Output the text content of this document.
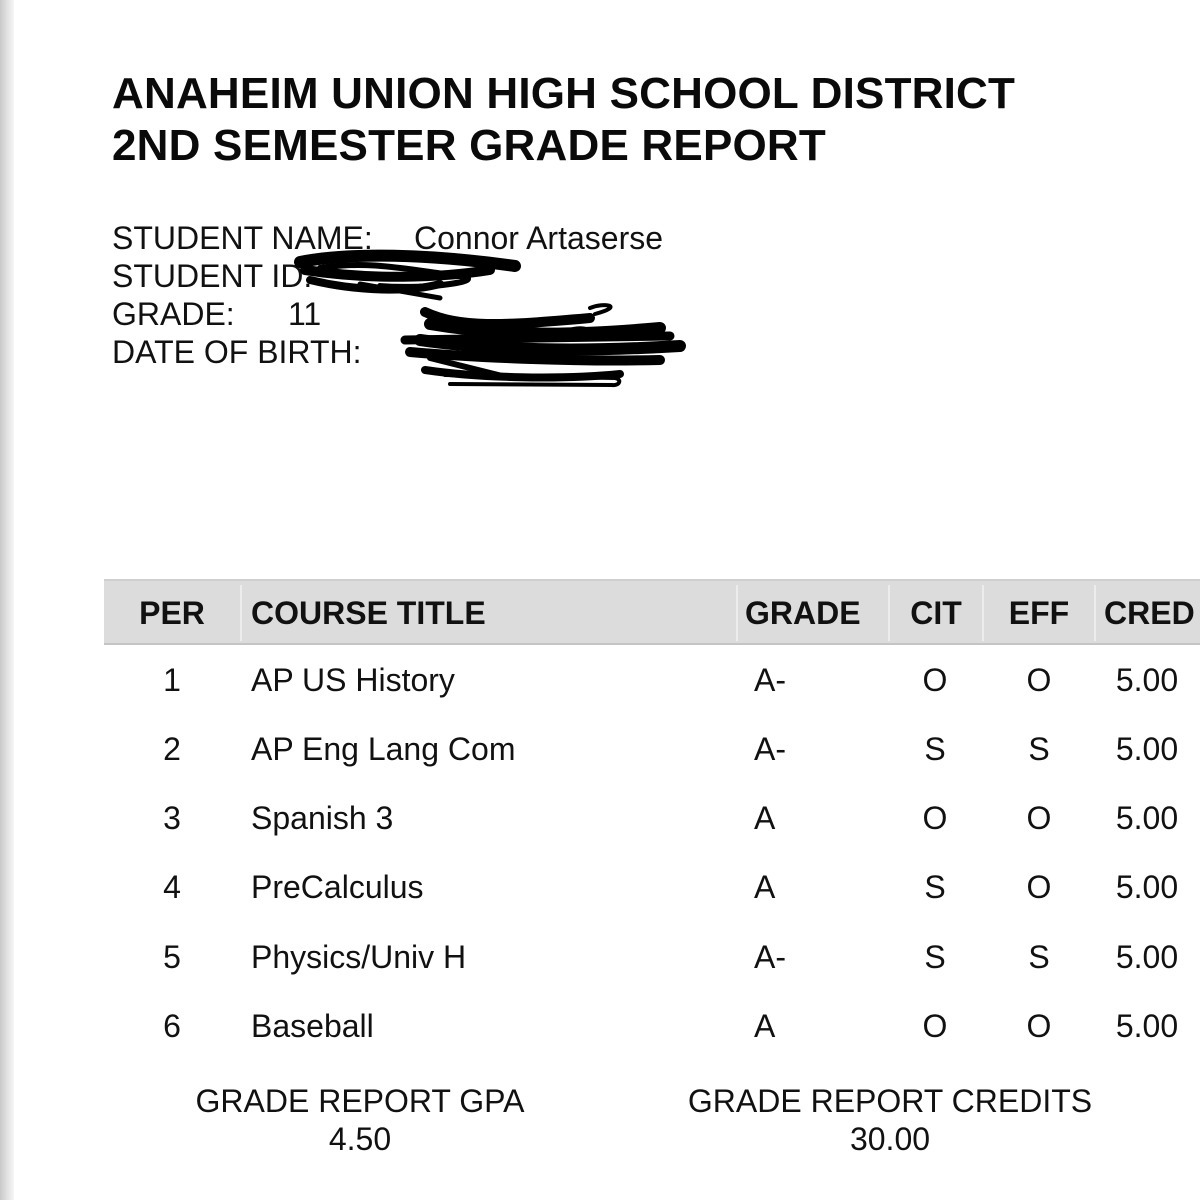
ANAHEIM UNION HIGH SCHOOL DISTRICT
2ND SEMESTER GRADE REPORT
STUDENT NAME: Connor Artaserse
STUDENT ID:
GRADE: 11
DATE OF BIRTH:
PER	COURSE TITLE	GRADE	CIT	EFF	CRED
1	AP US History	A-	O	O	5.00
2	AP Eng Lang Com	A-	S	S	5.00
3	Spanish 3	A	O	O	5.00
4	PreCalculus	A	S	O	5.00
5	Physics/Univ H	A-	S	S	5.00
6	Baseball	A	O	O	5.00
GRADE REPORT GPA
4.50
GRADE REPORT CREDITS
30.00
